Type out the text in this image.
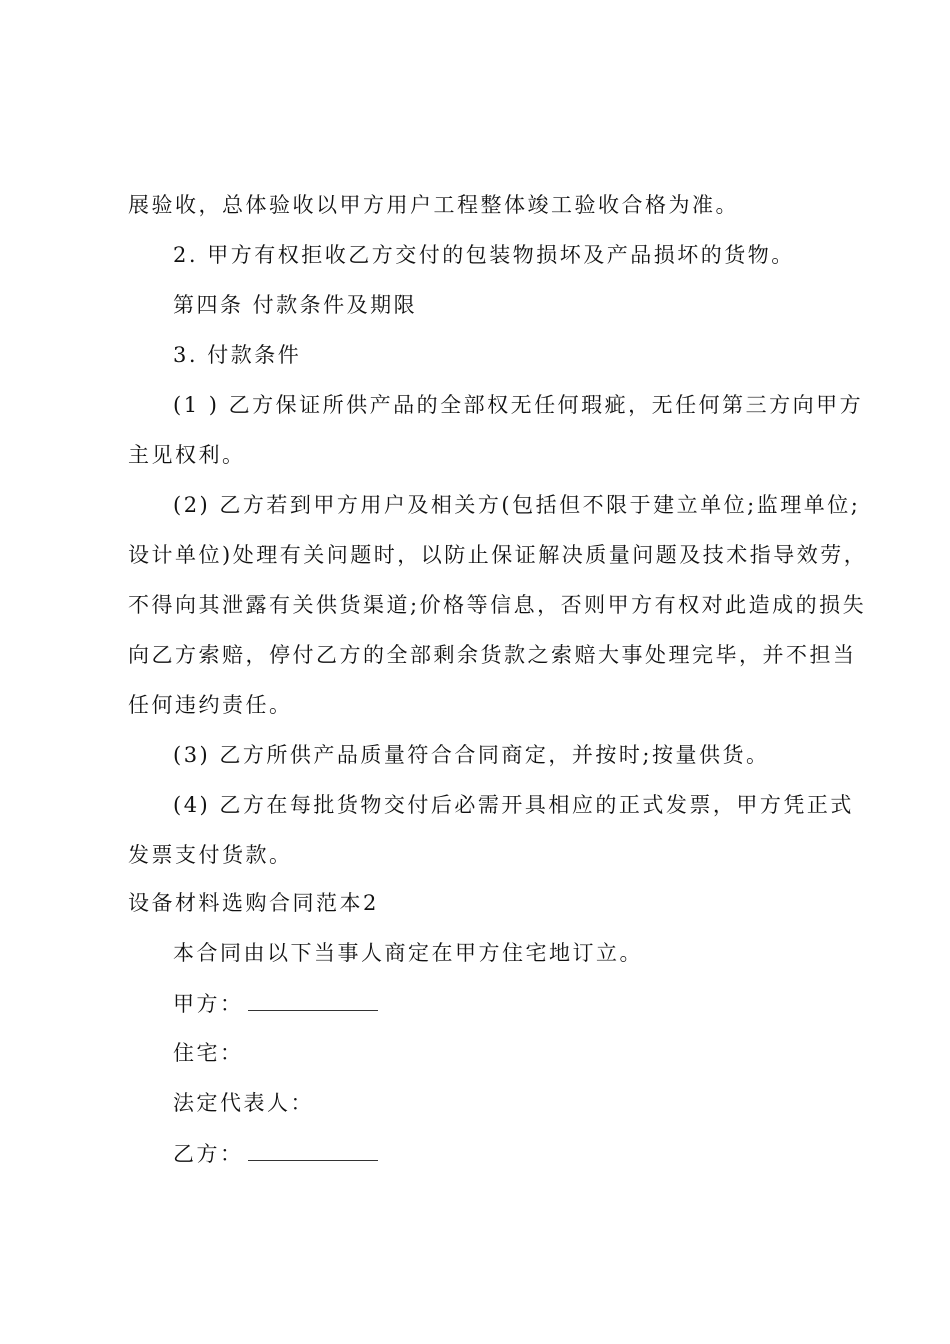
展验收，总体验收以甲方用户工程整体竣工验收合格为准。
2. 甲方有权拒收乙方交付的包装物损坏及产品损坏的货物。
第四条 付款条件及期限
3. 付款条件
(1 ) 乙方保证所供产品的全部权无任何瑕疵，无任何第三方向甲方
主见权利。
(2) 乙方若到甲方用户及相关方(包括但不限于建立单位;监理单位;
设计单位)处理有关问题时，以防止保证解决质量问题及技术指导效劳，
不得向其泄露有关供货渠道;价格等信息，否则甲方有权对此造成的损失
向乙方索赔，停付乙方的全部剩余货款之索赔大事处理完毕，并不担当
任何违约责任。
(3) 乙方所供产品质量符合合同商定，并按时;按量供货。
(4) 乙方在每批货物交付后必需开具相应的正式发票，甲方凭正式
发票支付货款。
设备材料选购合同范本2
本合同由以下当事人商定在甲方住宅地订立。
甲方：
住宅：
法定代表人：
乙方：
